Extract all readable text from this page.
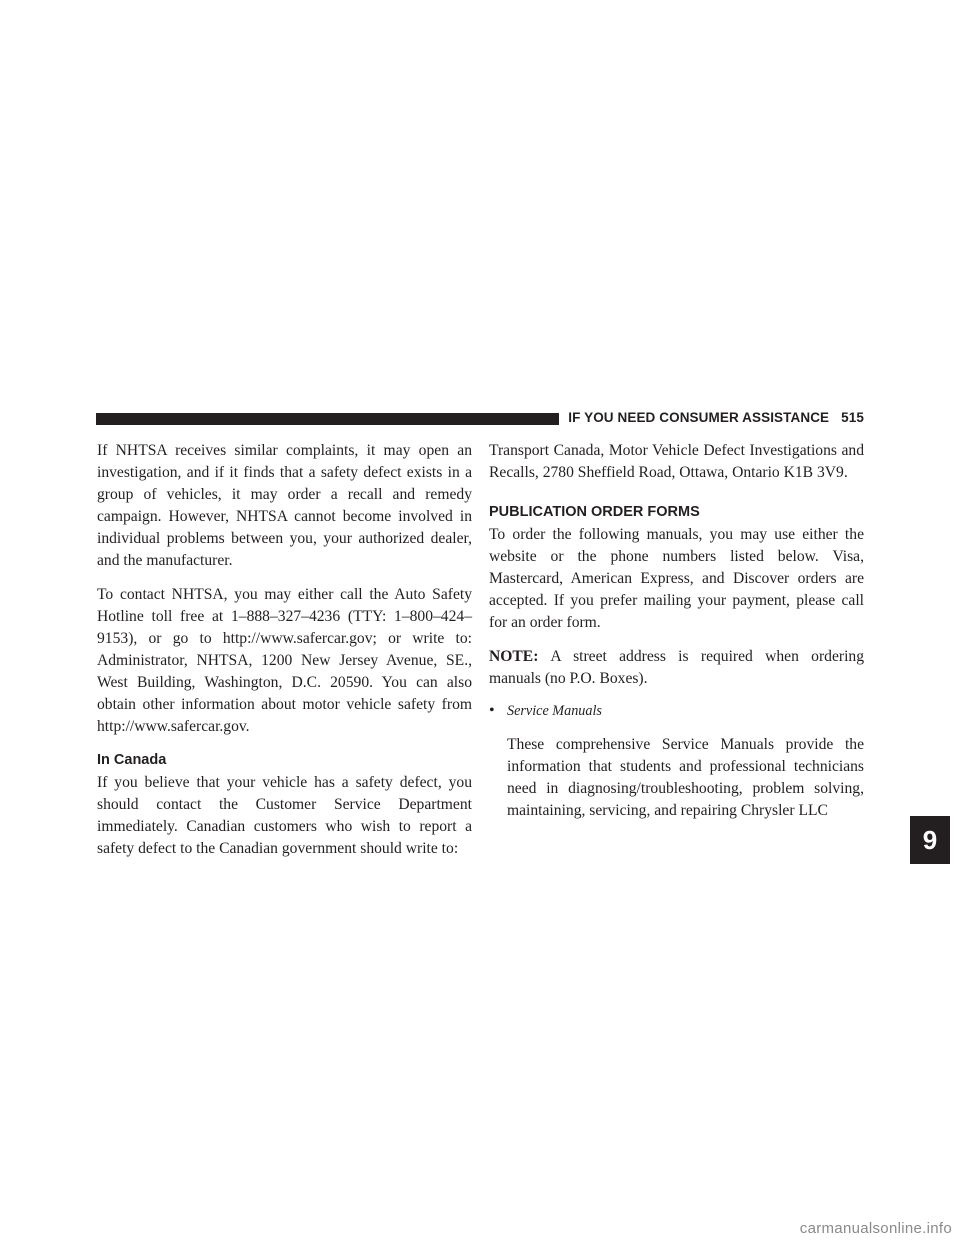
IF YOU NEED CONSUMER ASSISTANCE 515

If NHTSA receives similar complaints, it may open an investigation, and if it finds that a safety defect exists in a group of vehicles, it may order a recall and remedy campaign. However, NHTSA cannot become involved in individual problems between you, your authorized dealer, and the manufacturer.

To contact NHTSA, you may either call the Auto Safety Hotline toll free at 1–888–327–4236 (TTY: 1–800–424–9153), or go to http://www.safercar.gov; or write to: Administrator, NHTSA, 1200 New Jersey Avenue, SE., West Building, Washington, D.C. 20590. You can also obtain other information about motor vehicle safety from http://www.safercar.gov.

In Canada

If you believe that your vehicle has a safety defect, you should contact the Customer Service Department immediately. Canadian customers who wish to report a safety defect to the Canadian government should write to:

Transport Canada, Motor Vehicle Defect Investigations and Recalls, 2780 Sheffield Road, Ottawa, Ontario K1B 3V9.

PUBLICATION ORDER FORMS

To order the following manuals, you may use either the website or the phone numbers listed below. Visa, Mastercard, American Express, and Discover orders are accepted. If you prefer mailing your payment, please call for an order form.

NOTE: A street address is required when ordering manuals (no P.O. Boxes).

• Service Manuals

These comprehensive Service Manuals provide the information that students and professional technicians need in diagnosing/troubleshooting, problem solving, maintaining, servicing, and repairing Chrysler LLC

9
carmanualsonline.info
